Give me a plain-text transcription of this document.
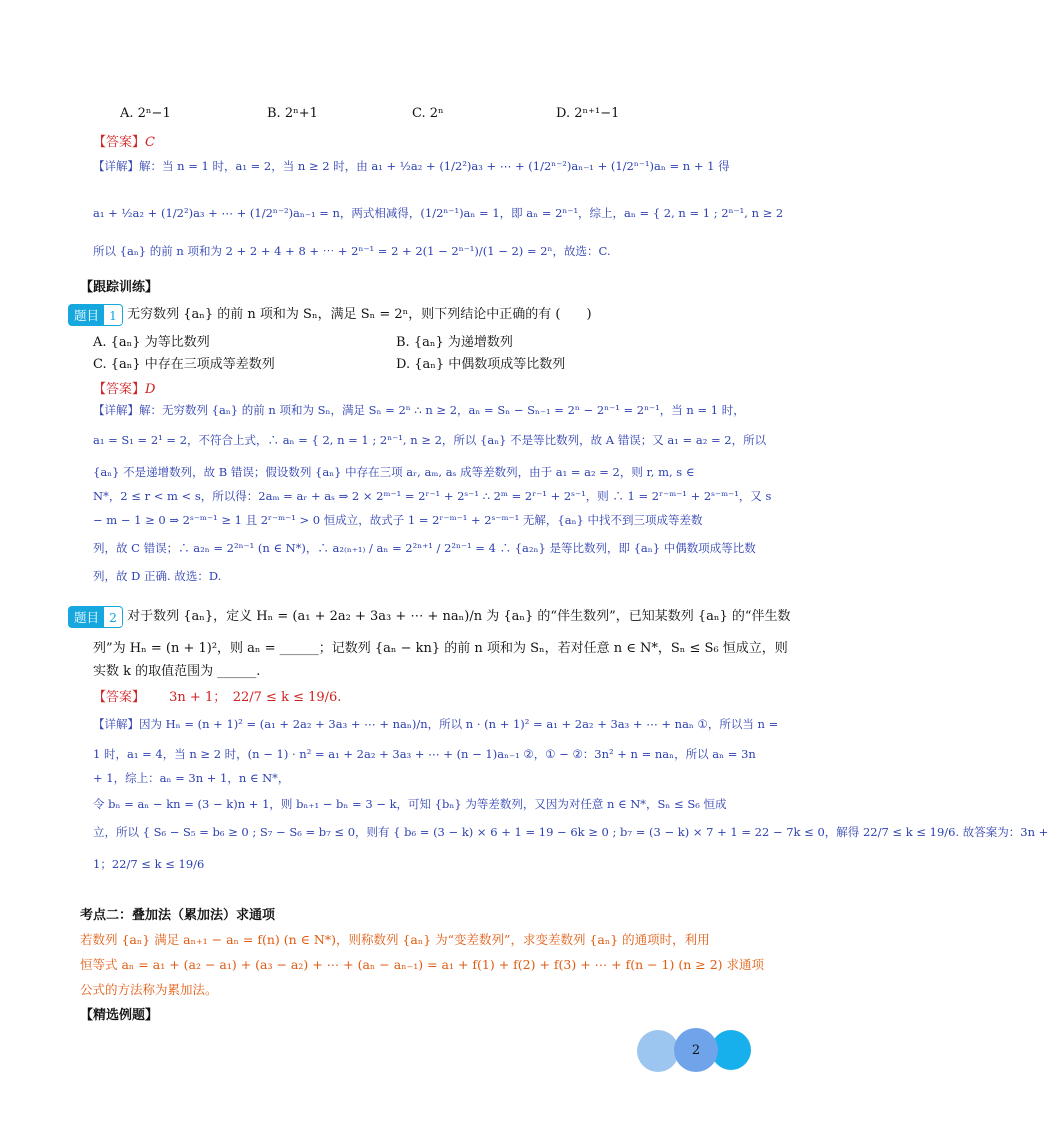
A. 2ⁿ−1	B. 2ⁿ+1	C. 2ⁿ	D. 2ⁿ⁺¹−1
【答案】C
【详解】解：当 n = 1 时，a₁ = 2，当 n ≥ 2 时，由 a₁ + ½a₂ + (1/2²)a₃ + ⋯ + (1/2ⁿ⁻²)aₙ₋₁ + (1/2ⁿ⁻¹)aₙ = n + 1 得
a₁ + ½a₂ + (1/2²)a₃ + ⋯ + (1/2ⁿ⁻²)aₙ₋₁ = n，两式相减得，(1/2ⁿ⁻¹)aₙ = 1，即 aₙ = 2ⁿ⁻¹，综上，aₙ = { 2, n = 1 ; 2ⁿ⁻¹, n ≥ 2
所以 {aₙ} 的前 n 项和为 2 + 2 + 4 + 8 + ⋯ + 2ⁿ⁻¹ = 2 + 2(1 − 2ⁿ⁻¹)/(1 − 2) = 2ⁿ，故选：C.
【跟踪训练】
题目 1 无穷数列 {aₙ} 的前 n 项和为 Sₙ，满足 Sₙ = 2ⁿ，则下列结论中正确的有 (　　)
A. {aₙ} 为等比数列	B. {aₙ} 为递增数列
C. {aₙ} 中存在三项成等差数列	D. {aₙ} 中偶数项成等比数列
【答案】D
【详解】解：无穷数列 {aₙ} 的前 n 项和为 Sₙ，满足 Sₙ = 2ⁿ ∴ n ≥ 2，aₙ = Sₙ − Sₙ₋₁ = 2ⁿ − 2ⁿ⁻¹ = 2ⁿ⁻¹，当 n = 1 时，
a₁ = S₁ = 2¹ = 2，不符合上式，∴ aₙ = { 2, n = 1 ; 2ⁿ⁻¹, n ≥ 2，所以 {aₙ} 不是等比数列，故 A 错误；又 a₁ = a₂ = 2，所以
{aₙ} 不是递增数列，故 B 错误；假设数列 {aₙ} 中存在三项 aᵣ, aₘ, aₛ 成等差数列，由于 a₁ = a₂ = 2，则 r, m, s ∈
N*，2 ≤ r < m < s，所以得：2aₘ = aᵣ + aₛ ⇒ 2 × 2ᵐ⁻¹ = 2ʳ⁻¹ + 2ˢ⁻¹ ∴ 2ᵐ = 2ʳ⁻¹ + 2ˢ⁻¹，则 ∴ 1 = 2ʳ⁻ᵐ⁻¹ + 2ˢ⁻ᵐ⁻¹，又 s
− m − 1 ≥ 0 ⇒ 2ˢ⁻ᵐ⁻¹ ≥ 1 且 2ʳ⁻ᵐ⁻¹ > 0 恒成立，故式子 1 = 2ʳ⁻ᵐ⁻¹ + 2ˢ⁻ᵐ⁻¹ 无解，{aₙ} 中找不到三项成等差数
列，故 C 错误；∴ a₂ₙ = 2²ⁿ⁻¹ (n ∈ N*)，∴ a₂₍ₙ₊₁₎ / aₙ = 2²ⁿ⁺¹ / 2²ⁿ⁻¹ = 4 ∴ {a₂ₙ} 是等比数列，即 {aₙ} 中偶数项成等比数
列，故 D 正确. 故选：D.
题目 2 对于数列 {aₙ}，定义 Hₙ = (a₁ + 2a₂ + 3a₃ + ⋯ + naₙ)/n 为 {aₙ} 的“伴生数列”，已知某数列 {aₙ} 的“伴生数
列”为 Hₙ = (n + 1)²，则 aₙ = ______；记数列 {aₙ − kn} 的前 n 项和为 Sₙ，若对任意 n ∈ N*，Sₙ ≤ S₆ 恒成立，则
实数 k 的取值范围为 ______.
【答案】 3n + 1；　22/7 ≤ k ≤ 19/6.
【详解】因为 Hₙ = (n + 1)² = (a₁ + 2a₂ + 3a₃ + ⋯ + naₙ)/n，所以 n · (n + 1)² = a₁ + 2a₂ + 3a₃ + ⋯ + naₙ ①，所以当 n =
1 时，a₁ = 4，当 n ≥ 2 时，(n − 1) · n² = a₁ + 2a₂ + 3a₃ + ⋯ + (n − 1)aₙ₋₁ ②，① − ②：3n² + n = naₙ，所以 aₙ = 3n
+ 1，综上：aₙ = 3n + 1，n ∈ N*，
令 bₙ = aₙ − kn = (3 − k)n + 1，则 bₙ₊₁ − bₙ = 3 − k，可知 {bₙ} 为等差数列，又因为对任意 n ∈ N*，Sₙ ≤ S₆ 恒成
立，所以 { S₆ − S₅ = b₆ ≥ 0 ; S₇ − S₆ = b₇ ≤ 0，则有 { b₆ = (3 − k) × 6 + 1 = 19 − 6k ≥ 0 ; b₇ = (3 − k) × 7 + 1 = 22 − 7k ≤ 0，解得 22/7 ≤ k ≤ 19/6. 故答案为：3n +
1；22/7 ≤ k ≤ 19/6
考点二：叠加法（累加法）求通项
若数列 {aₙ} 满足 aₙ₊₁ − aₙ = f(n) (n ∈ N*)，则称数列 {aₙ} 为“变差数列”，求变差数列 {aₙ} 的通项时，利用
恒等式 aₙ = a₁ + (a₂ − a₁) + (a₃ − a₂) + ⋯ + (aₙ − aₙ₋₁) = a₁ + f(1) + f(2) + f(3) + ⋯ + f(n − 1) (n ≥ 2) 求通项
公式的方法称为累加法。
【精选例题】
2
